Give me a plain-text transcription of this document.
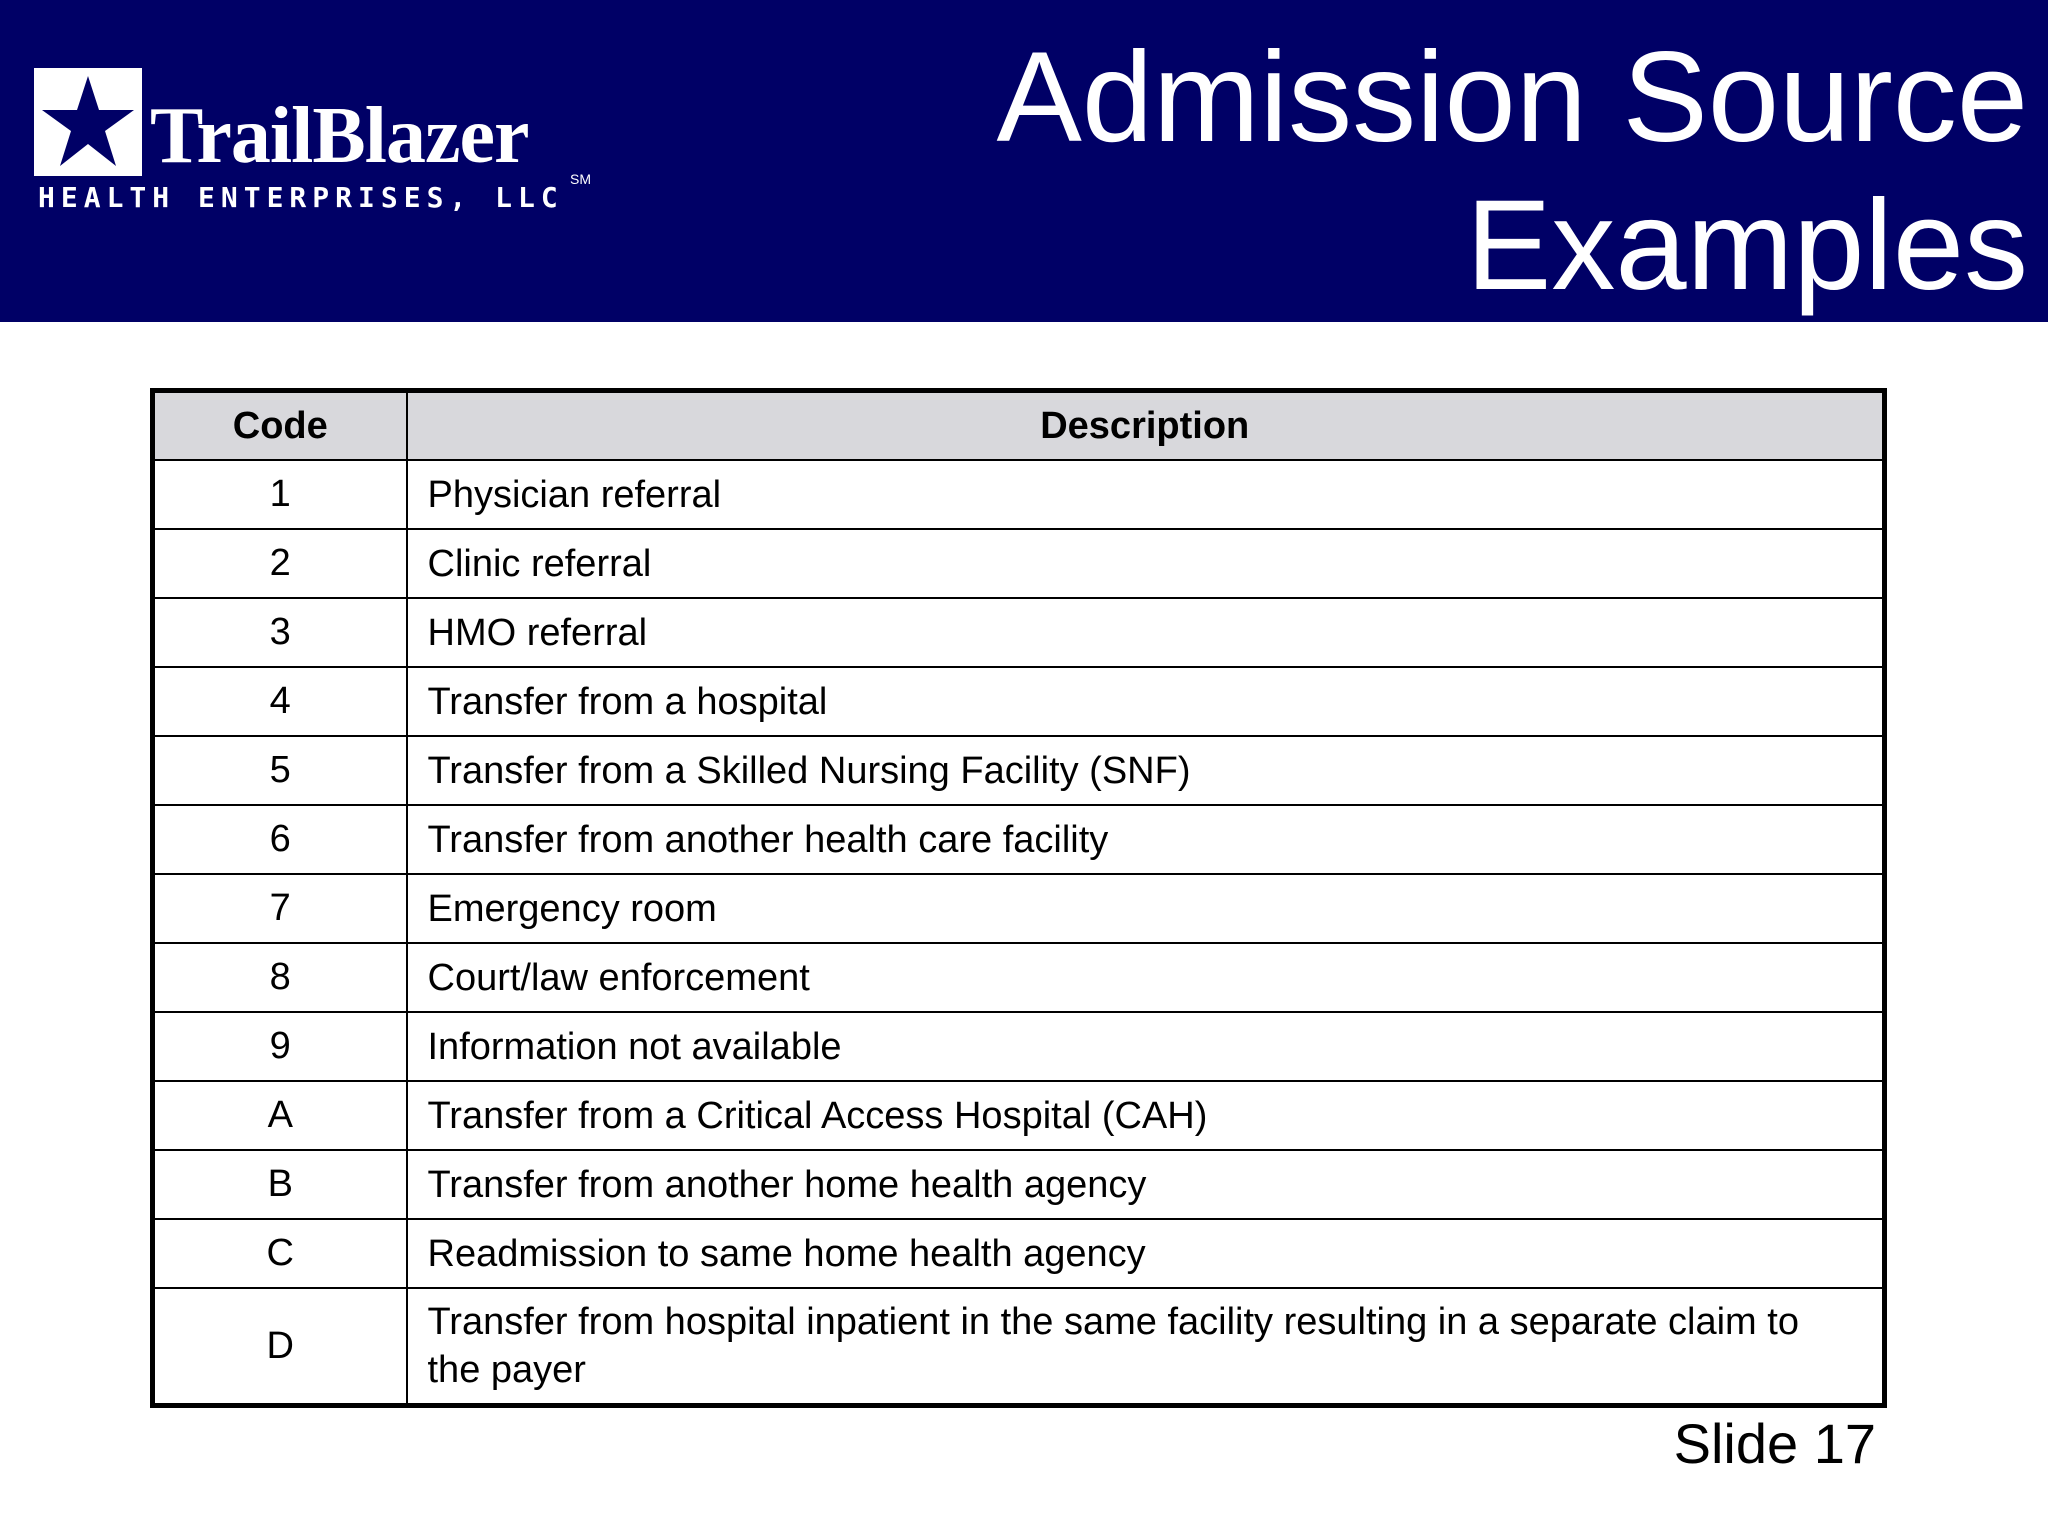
TrailBlazer	SM
HEALTH ENTERPRISES, LLC
Admission Source
Examples
Code	Description
1	Physician referral
2	Clinic referral
3	HMO referral
4	Transfer from a hospital
5	Transfer from a Skilled Nursing Facility (SNF)
6	Transfer from another health care facility
7	Emergency room
8	Court/law enforcement
9	Information not available
A	Transfer from a Critical Access Hospital (CAH)
B	Transfer from another home health agency
C	Readmission to same home health agency
D	Transfer from hospital inpatient in the same facility resulting in a separate claim to the payer
Slide 17
